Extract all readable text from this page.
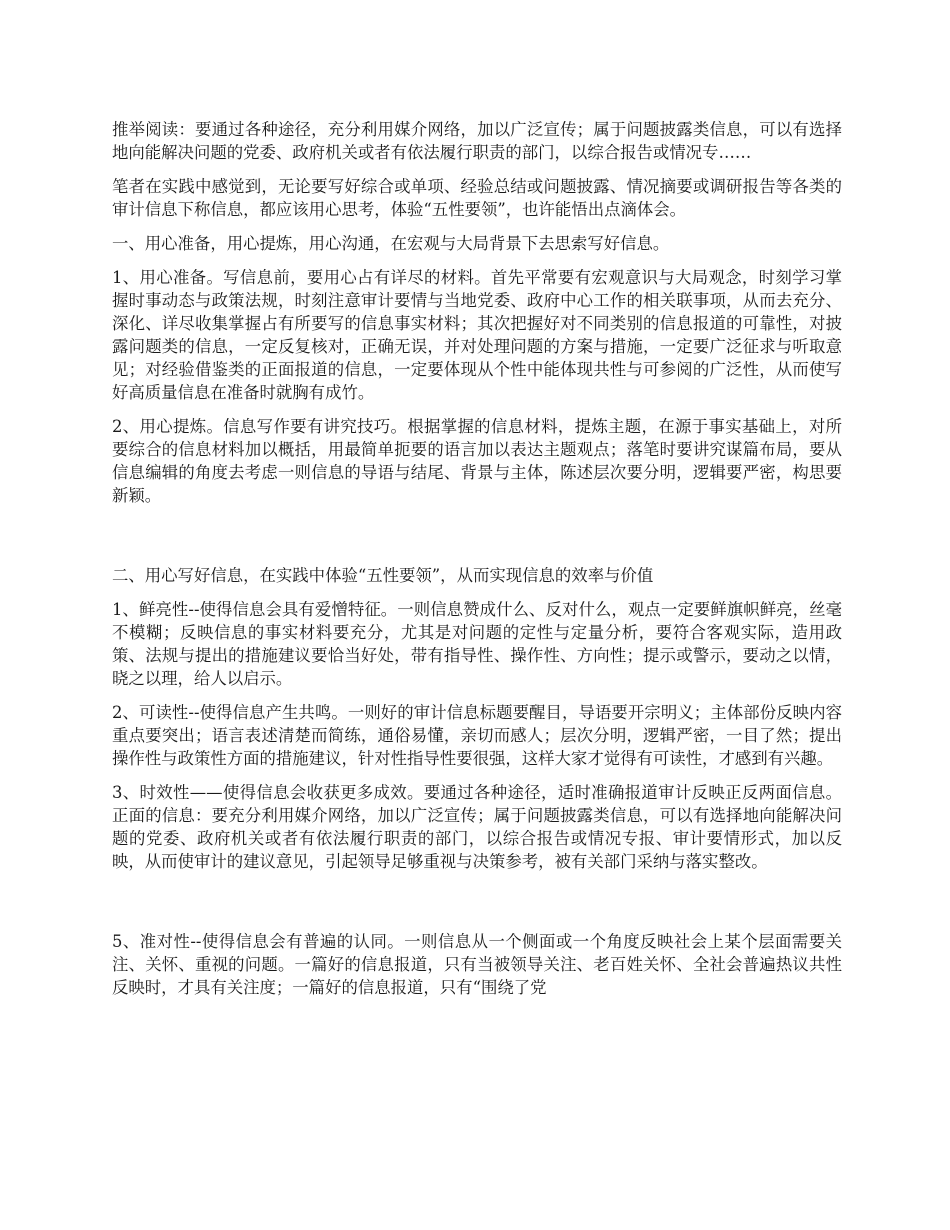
推举阅读：要通过各种途径，充分利用媒介网络，加以广泛宣传；属于问题披露类信息，可以有选择地向能解决问题的党委、政府机关或者有依法履行职责的部门，以综合报告或情况专……

笔者在实践中感觉到，无论要写好综合或单项、经验总结或问题披露、情况摘要或调研报告等各类的审计信息下称信息，都应该用心思考，体验“五性要领”，也许能悟出点滴体会。

一、用心准备，用心提炼，用心沟通，在宏观与大局背景下去思索写好信息。

1、用心准备。写信息前，要用心占有详尽的材料。首先平常要有宏观意识与大局观念，时刻学习掌握时事动态与政策法规，时刻注意审计要情与当地党委、政府中心工作的相关联事项，从而去充分、深化、详尽收集掌握占有所要写的信息事实材料；其次把握好对不同类别的信息报道的可靠性，对披露问题类的信息，一定反复核对，正确无误，并对处理问题的方案与措施，一定要广泛征求与听取意见；对经验借鉴类的正面报道的信息，一定要体现从个性中能体现共性与可参阅的广泛性，从而使写好高质量信息在准备时就胸有成竹。

2、用心提炼。信息写作要有讲究技巧。根据掌握的信息材料，提炼主题，在源于事实基础上，对所要综合的信息材料加以概括，用最简单扼要的语言加以表达主题观点；落笔时要讲究谋篇布局，要从信息编辑的角度去考虑一则信息的导语与结尾、背景与主体，陈述层次要分明，逻辑要严密，构思要新颖。

二、用心写好信息，在实践中体验“五性要领”，从而实现信息的效率与价值

1、鲜亮性--使得信息会具有爱憎特征。一则信息赞成什么、反对什么，观点一定要鲜旗帜鲜亮，丝毫不模糊；反映信息的事实材料要充分，尤其是对问题的定性与定量分析，要符合客观实际，造用政策、法规与提出的措施建议要恰当好处，带有指导性、操作性、方向性；提示或警示，要动之以情，晓之以理，给人以启示。

2、可读性--使得信息产生共鸣。一则好的审计信息标题要醒目，导语要开宗明义；主体部份反映内容重点要突出；语言表述清楚而简练，通俗易懂，亲切而感人；层次分明，逻辑严密，一目了然；提出操作性与政策性方面的措施建议，针对性指导性要很强，这样大家才觉得有可读性，才感到有兴趣。

3、时效性——使得信息会收获更多成效。要通过各种途径，适时准确报道审计反映正反两面信息。正面的信息：要充分利用媒介网络，加以广泛宣传；属于问题披露类信息，可以有选择地向能解决问题的党委、政府机关或者有依法履行职责的部门，以综合报告或情况专报、审计要情形式，加以反映，从而使审计的建议意见，引起领导足够重视与决策参考，被有关部门采纳与落实整改。

5、准对性--使得信息会有普遍的认同。一则信息从一个侧面或一个角度反映社会上某个层面需要关注、关怀、重视的问题。一篇好的信息报道，只有当被领导关注、老百姓关怀、全社会普遍热议共性反映时，才具有关注度；一篇好的信息报道，只有“围绕了党
